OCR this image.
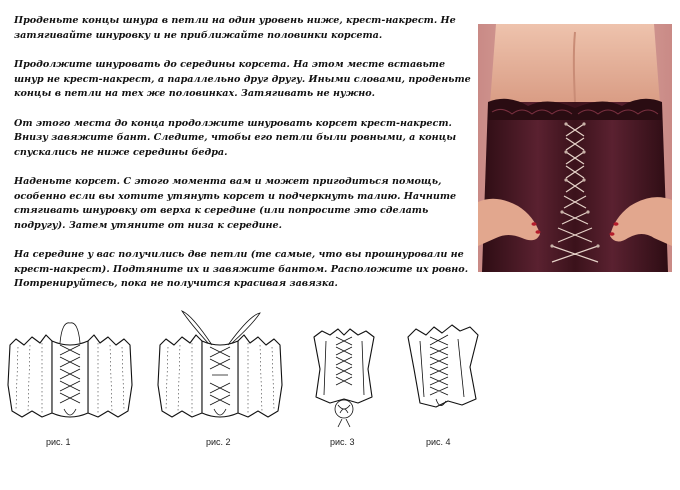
Проденьте концы шнура в петли на один уровень ниже, крест-накрест. Не затягивайте шнуровку и не приближайте половинки корсета.

Продолжите шнуровать до середины корсета. На этом месте вставьте шнур не крест-накрест, а параллельно друг другу. Иными словами, проденьте концы в петли на тех же половинках. Затягивать не нужно.

От этого места до конца продолжите шнуровать корсет крест-накрест. Внизу завяжите бант. Следите, чтобы его петли были ровными, а концы спускались не ниже середины бедра.

Наденьте корсет. С этого момента вам и может пригодиться помощь, особенно если вы хотите утянуть корсет и подчеркнуть талию. Начните стягивать шнуровку от верха к середине (или попросите это сделать подругу). Затем утяните от низа к середине.

На середине у вас получились две петли (те самые, что вы прошнуровали не крест-накрест). Подтяните их и завяжите бантом. Расположите их ровно. Потренируйтесь, пока не получится красивая завязка.

рис. 1	рис. 2	рис. 3	рис. 4
